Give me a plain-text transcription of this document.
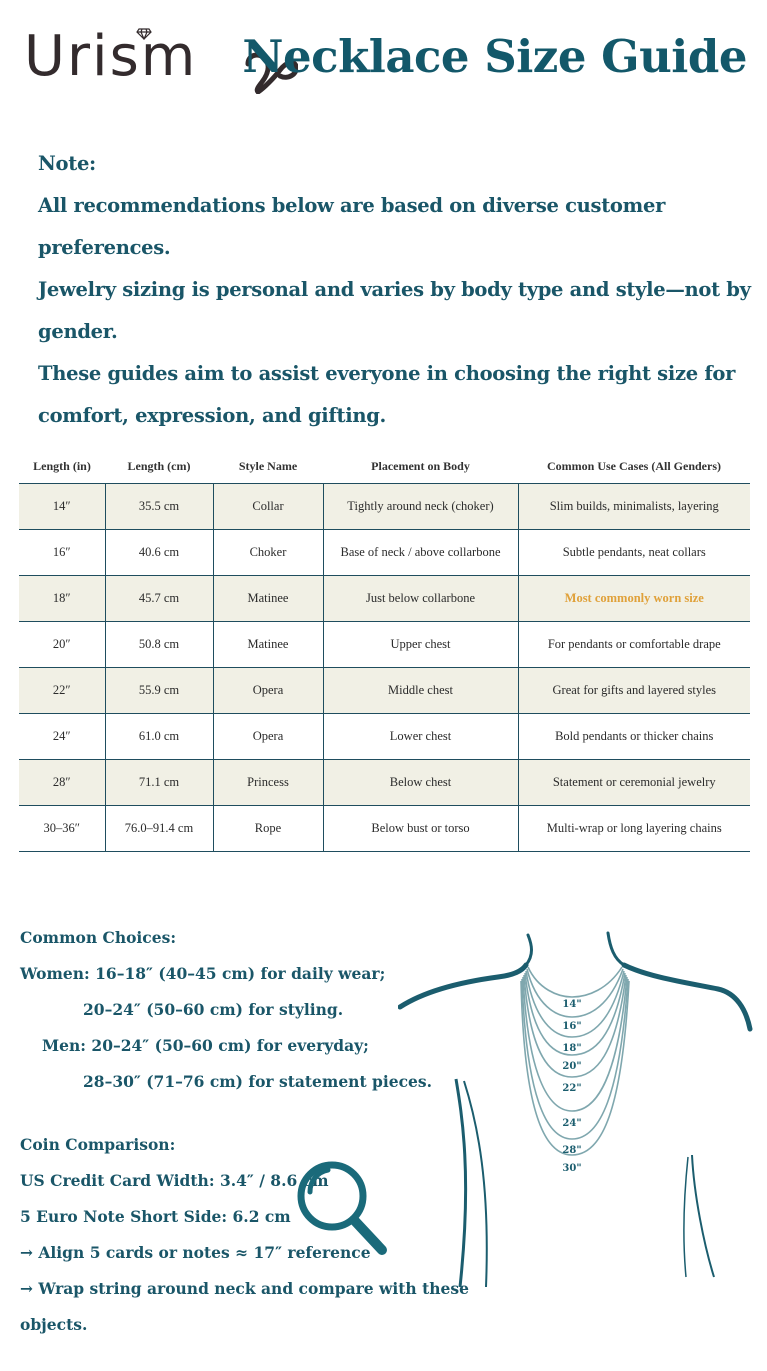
Urism Necklace Size Guide

Note:

All recommendations below are based on diverse customer preferences.

Jewelry sizing is personal and varies by body type and style—not by gender.

These guides aim to assist everyone in choosing the right size for comfort, expression, and gifting.

Length (in)	Length (cm)	Style Name	Placement on Body	Common Use Cases (All Genders)
14″	35.5 cm	Collar	Tightly around neck (choker)	Slim builds, minimalists, layering
16″	40.6 cm	Choker	Base of neck / above collarbone	Subtle pendants, neat collars
18″	45.7 cm	Matinee	Just below collarbone	Most commonly worn size
20″	50.8 cm	Matinee	Upper chest	For pendants or comfortable drape
22″	55.9 cm	Opera	Middle chest	Great for gifts and layered styles
24″	61.0 cm	Opera	Lower chest	Bold pendants or thicker chains
28″	71.1 cm	Princess	Below chest	Statement or ceremonial jewelry
30–36″	76.0–91.4 cm	Rope	Below bust or torso	Multi-wrap or long layering chains
Common Choices:
Women: 16–18″ (40–45 cm) for daily wear;
20–24″ (50–60 cm) for styling.
Men: 20–24″ (50–60 cm) for everyday;
28–30″ (71–76 cm) for statement pieces.
Coin Comparison:
US Credit Card Width: 3.4″ / 8.6 cm
5 Euro Note Short Side: 6.2 cm
→ Align 5 cards or notes ≈ 17″ reference
→ Wrap string around neck and compare with these
objects.
14"
16"
18"
20"
22"
24"
28"
30"
